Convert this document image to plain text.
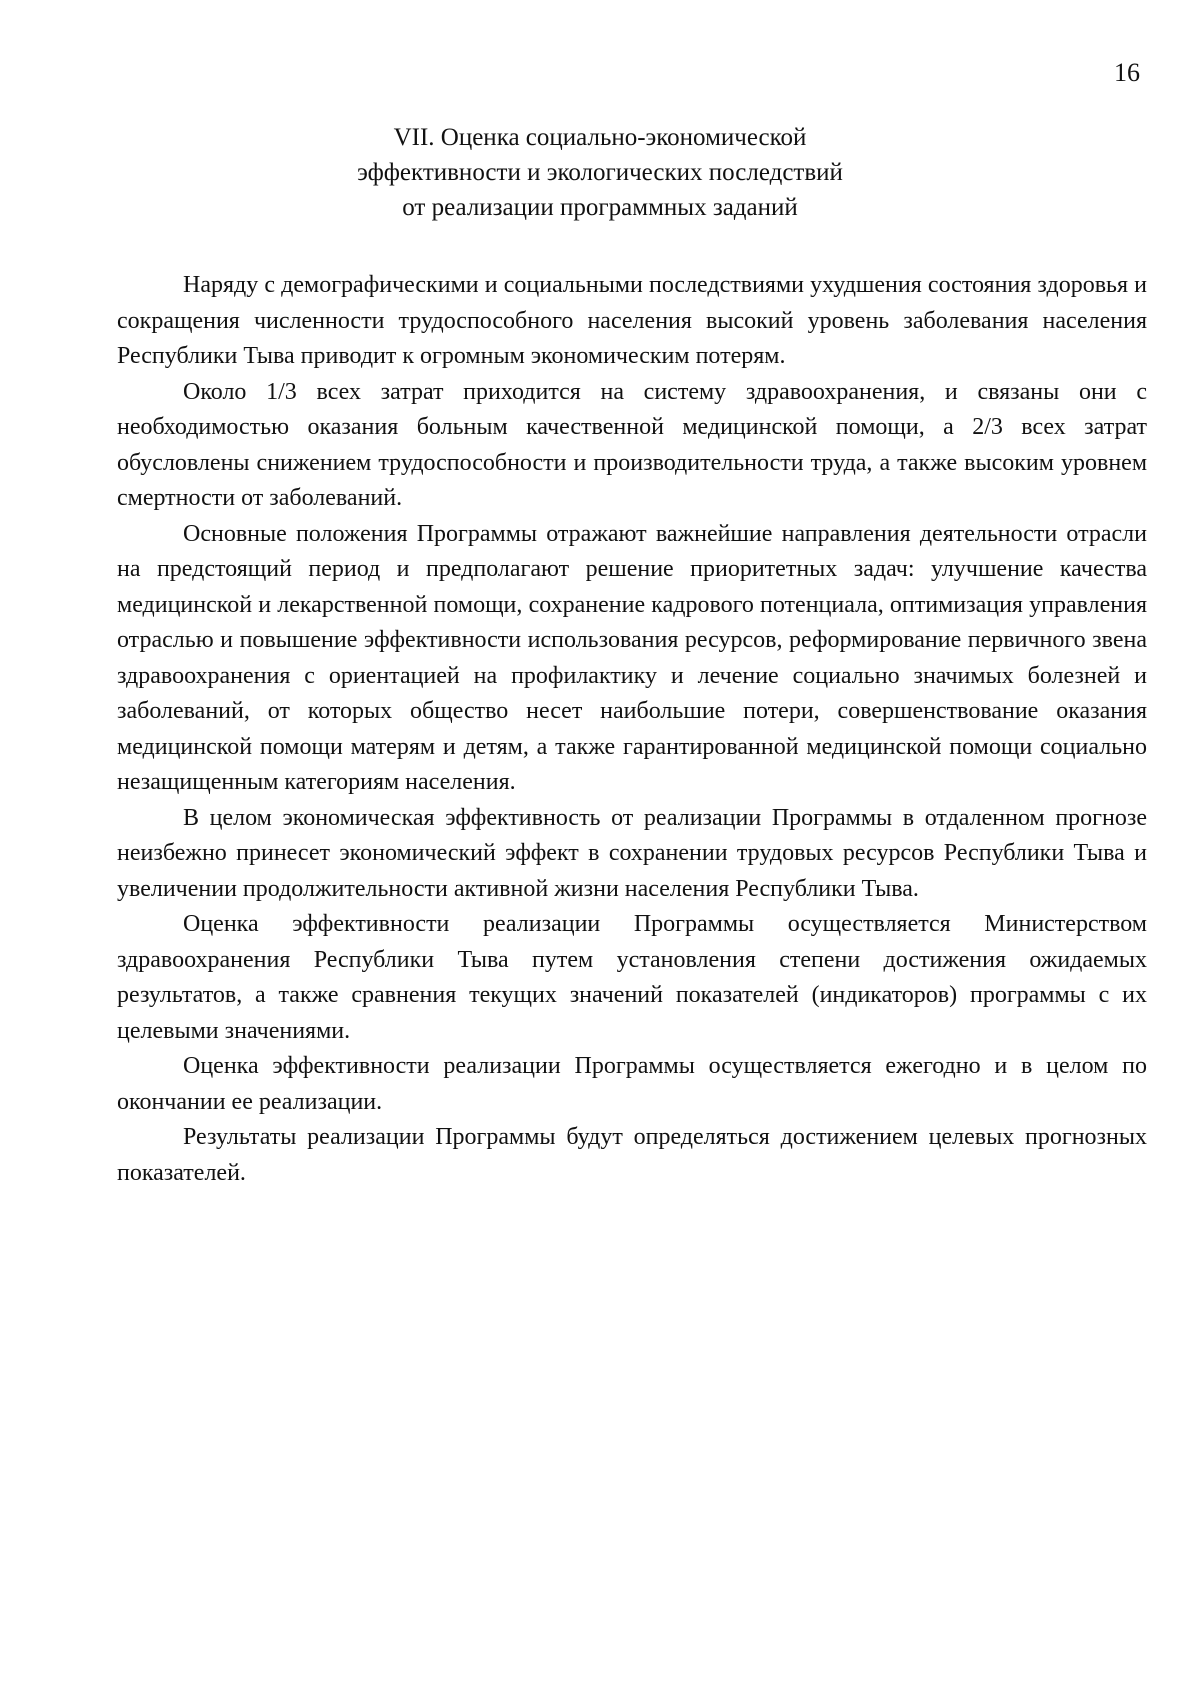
16
VII. Оценка социально-экономической
эффективности и экологических последствий
от реализации программных заданий

Наряду с демографическими и социальными последствиями ухудшения состояния здоровья и сокращения численности трудоспособного населения высокий уровень заболевания населения Республики Тыва приводит к огромным экономическим потерям.

Около 1/3 всех затрат приходится на систему здравоохранения, и связаны они с необходимостью оказания больным качественной медицинской помощи, а 2/3 всех затрат обусловлены снижением трудоспособности и производительности труда, а также высоким уровнем смертности от заболеваний.

Основные положения Программы отражают важнейшие направления деятельности отрасли на предстоящий период и предполагают решение приоритетных задач: улучшение качества медицинской и лекарственной помощи, сохранение кадрового потенциала, оптимизация управления отраслью и повышение эффективности использования ресурсов, реформирование первичного звена здравоохранения с ориентацией на профилактику и лечение социально значимых болезней и заболеваний, от которых общество несет наибольшие потери, совершенствование оказания медицинской помощи матерям и детям, а также гарантированной медицинской помощи социально незащищенным категориям населения.

В целом экономическая эффективность от реализации Программы в отдаленном прогнозе неизбежно принесет экономический эффект в сохранении трудовых ресурсов Республики Тыва и увеличении продолжительности активной жизни населения Республики Тыва.

Оценка эффективности реализации Программы осуществляется Министерством здравоохранения Республики Тыва путем установления степени достижения ожидаемых результатов, а также сравнения текущих значений показателей (индикаторов) программы с их целевыми значениями.

Оценка эффективности реализации Программы осуществляется ежегодно и в целом по окончании ее реализации.

Результаты реализации Программы будут определяться достижением целевых прогнозных показателей.
